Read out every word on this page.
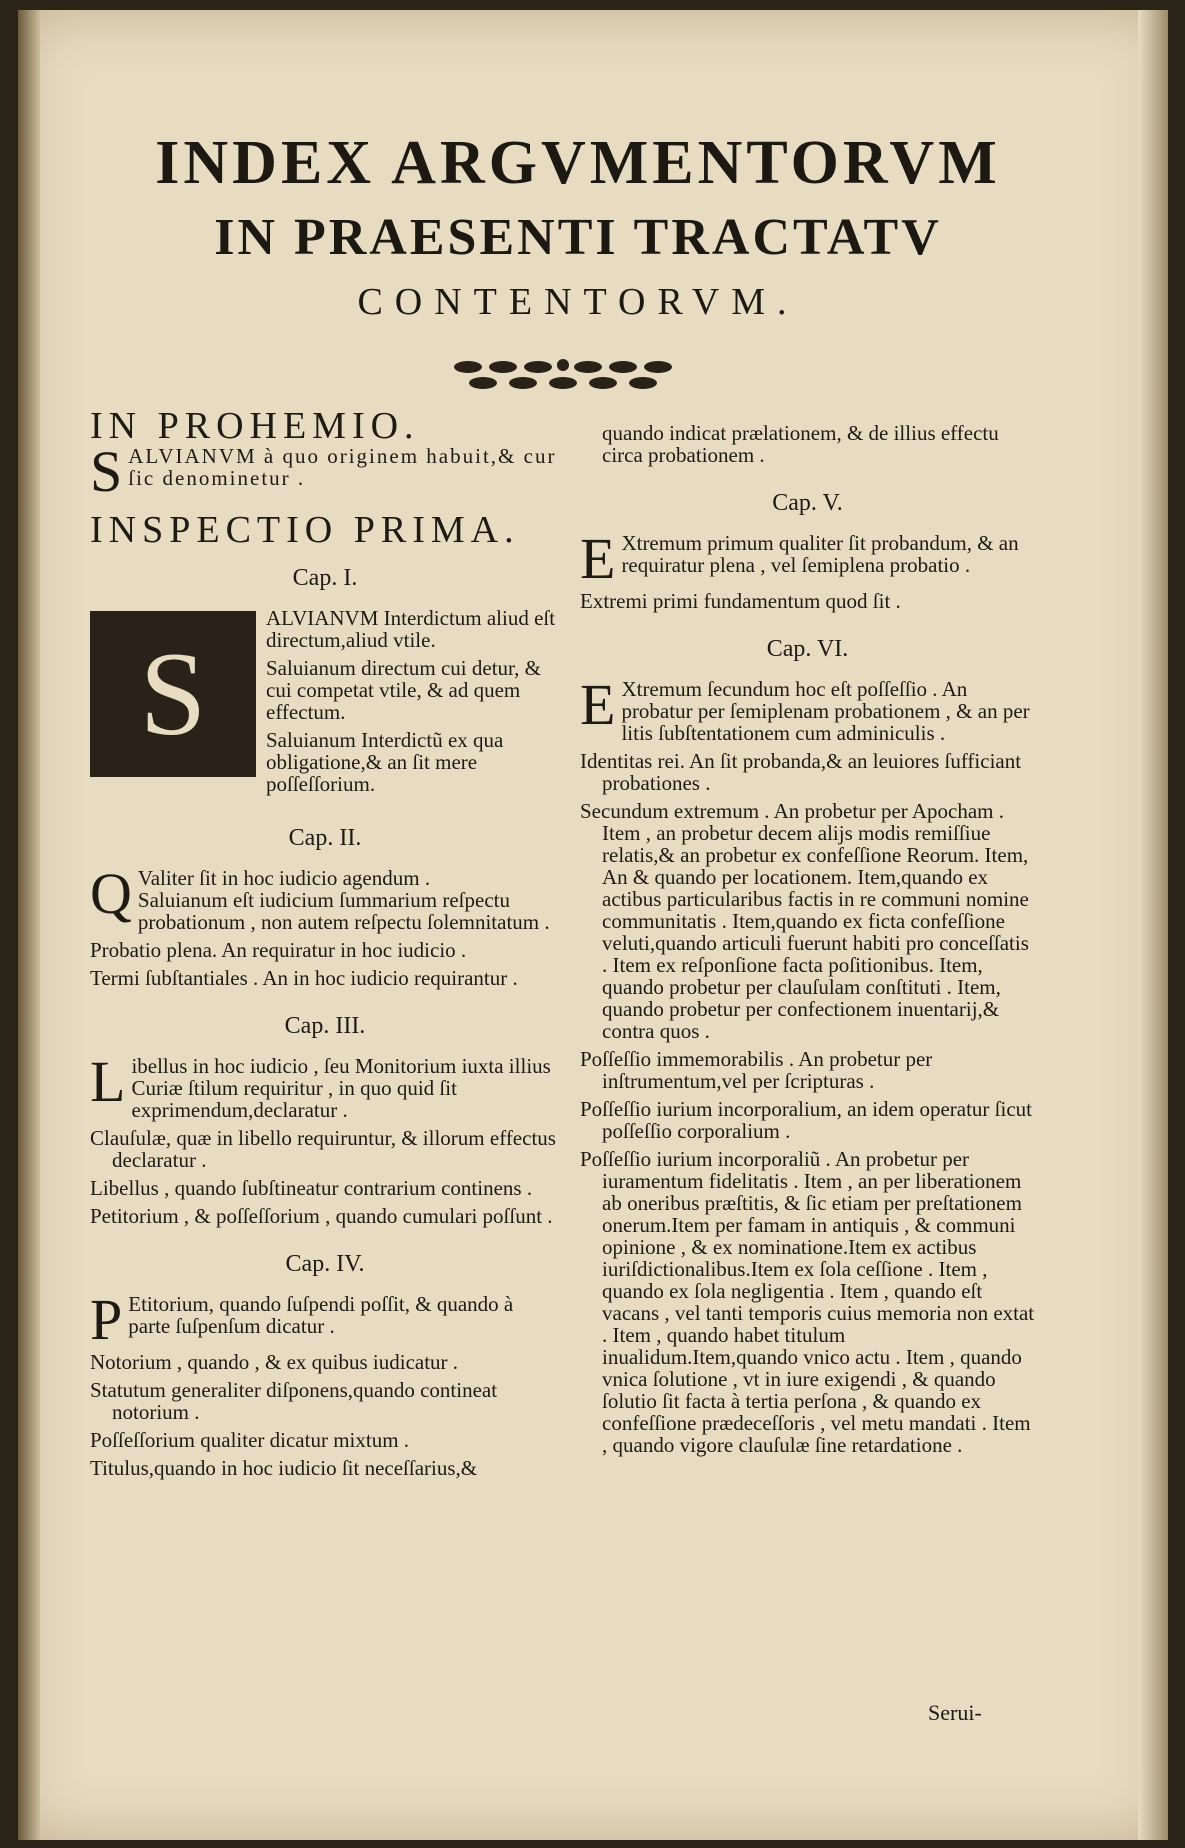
INDEX ARGVMENTORVM
IN PRAESENTI TRACTATV
CONTENTORVM.
IN PROHEMIO.
S ALVIANVM à quo originem habuit,& cur ſic denominetur .
INSPECTIO PRIMA.
Cap. I.
S
ALVIANVM Interdictum aliud eſt directum,aliud vtile.
Saluianum directum cui detur, & cui competat vtile, & ad quem effectum.
Saluianum Interdictũ ex qua obligatione,& an ſit mere poſſeſſorium.
Cap. II.
Q Valiter ſit in hoc iudicio agendum .
Saluianum eſt iudicium ſummarium reſpectu probationum , non autem reſpectu ſolemnitatum .
Probatio plena. An requiratur in hoc iudicio .
Termi ſubſtantiales . An in hoc iudicio requirantur .
Cap. III.
L ibellus in hoc iudicio , ſeu Monitorium iuxta illius Curiæ ſtilum requiritur , in quo quid ſit exprimendum,declaratur .
Clauſulæ, quæ in libello requiruntur, & illorum effectus declaratur .
Libellus , quando ſubſtineatur contrarium continens .
Petitorium , & poſſeſſorium , quando cumulari poſſunt .
Cap. IV.
P Etitorium, quando ſuſpendi poſſit, & quando à parte ſuſpenſum dicatur .
Notorium , quando , & ex quibus iudicatur .
Statutum generaliter diſponens,quando contineat notorium .
Poſſeſſorium qualiter dicatur mixtum .
Titulus,quando in hoc iudicio ſit neceſſarius,&
quando indicat prælationem, & de illius effectu circa probationem .
Cap. V.
E Xtremum primum qualiter ſit probandum, & an requiratur plena , vel ſemiplena probatio .
Extremi primi fundamentum quod ſit .
Cap. VI.
E Xtremum ſecundum hoc eſt poſſeſſio . An probatur per ſemiplenam probationem , & an per litis ſubſtentationem cum adminiculis .
Identitas rei. An ſit probanda,& an leuiores ſufficiant probationes .
Secundum extremum . An probetur per Apocham . Item , an probetur decem alijs modis remiſſiue relatis,& an probetur ex confeſſione Reorum. Item, An & quando per locationem. Item,quando ex actibus particularibus factis in re communi nomine communitatis . Item,quando ex ficta confeſſione veluti,quando articuli fuerunt habiti pro conceſſatis . Item ex reſponſione facta poſitionibus. Item, quando probetur per clauſulam conſtituti . Item, quando probetur per confectionem inuentarij,& contra quos .
Poſſeſſio immemorabilis . An probetur per inſtrumentum,vel per ſcripturas .
Poſſeſſio iurium incorporalium, an idem operatur ſicut poſſeſſio corporalium .
Poſſeſſio iurium incorporaliũ . An probetur per iuramentum fidelitatis . Item , an per liberationem ab oneribus præſtitis, & ſic etiam per preſtationem onerum.Item per famam in antiquis , & communi opinione , & ex nominatione.Item ex actibus iuriſdictionalibus.Item ex ſola ceſſione . Item , quando ex ſola negligentia . Item , quando eſt vacans , vel tanti temporis cuius memoria non extat . Item , quando habet titulum inualidum.Item,quando vnico actu . Item , quando vnica ſolutione , vt in iure exigendi , & quando ſolutio ſit facta à tertia perſona , & quando ex confeſſione prædeceſſoris , vel metu mandati . Item , quando vigore clauſulæ ſine retardatione .
Serui-
